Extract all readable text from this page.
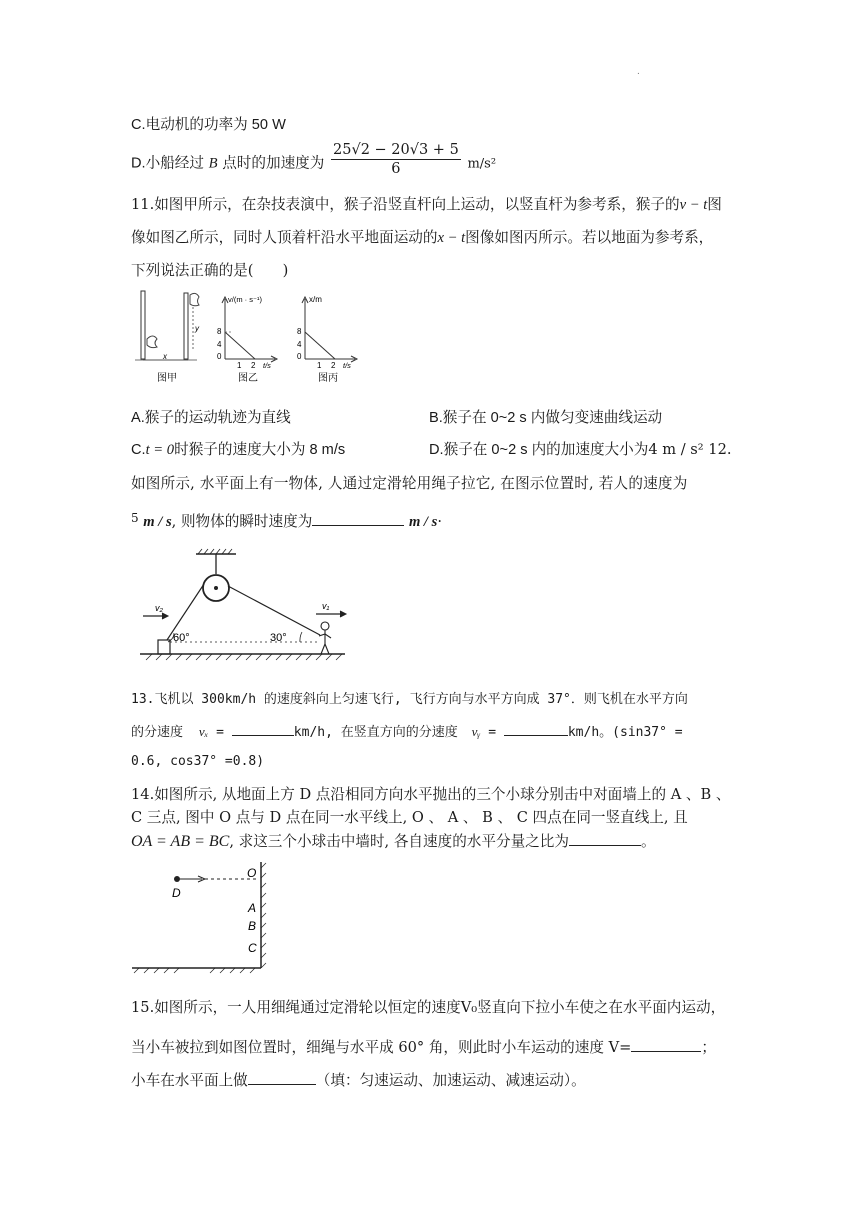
.
C.电动机的功率为 50 W
D.小船经过 B 点时的加速度为 $\frac{25√2 - 20√3 + 5}{6} m/s^2$
11.如图甲所示，在杂技表演中，猴子沿竖直杆向上运动，以竖直杆为参考系，猴子的v − t图
像如图乙所示，同时人顶着杆沿水平地面运动的x − t图像如图丙所示。若以地面为参考系，
下列说法正确的是(　　)
y
x
图甲
v/(m · s⁻¹)
8
4
0
1 2 t/s
图乙
x/m
8
4
0
1 2 t/s
图丙
A.猴子的运动轨迹为直线	B.猴子在 0~2 s 内做匀变速曲线运动
C.t = 0时猴子的速度大小为 8 m/s	D.猴子在 0~2 s 内的加速度大小为4 m / s² 12.
如图所示, 水平面上有一物体, 人通过定滑轮用绳子拉它, 在图示位置时, 若人的速度为
$^5$ m / s, 则物体的瞬时速度为	m / s·
60°	30°
v₂	v₁
13.飞机以 300km/h 的速度斜向上匀速飞行, 飞行方向与水平方向成 37°．则飞机在水平方向
的分速度 vₓ =	km/h, 在竖直方向的分速度 vᵧ =	km/h。(sin37° =
0.6, cos37° =0.8)
14.如图所示, 从地面上方 D 点沿相同方向水平抛出的三个小球分别击中对面墙上的 A 、B 、
C 三点, 图中 O 点与 D 点在同一水平线上, O 、 A 、 B 、 C 四点在同一竖直线上, 且
OA = AB = BC, 求这三个小球击中墙时, 各自速度的水平分量之比为	。
D
O
A
B
C
15.如图所示，一人用细绳通过定滑轮以恒定的速度V₀竖直向下拉小车使之在水平面内运动，
当小车被拉到如图位置时，细绳与水平成 60° 角，则此时小车运动的速度 V=	；
小车在水平面上做	（填：匀速运动、加速运动、减速运动）。
